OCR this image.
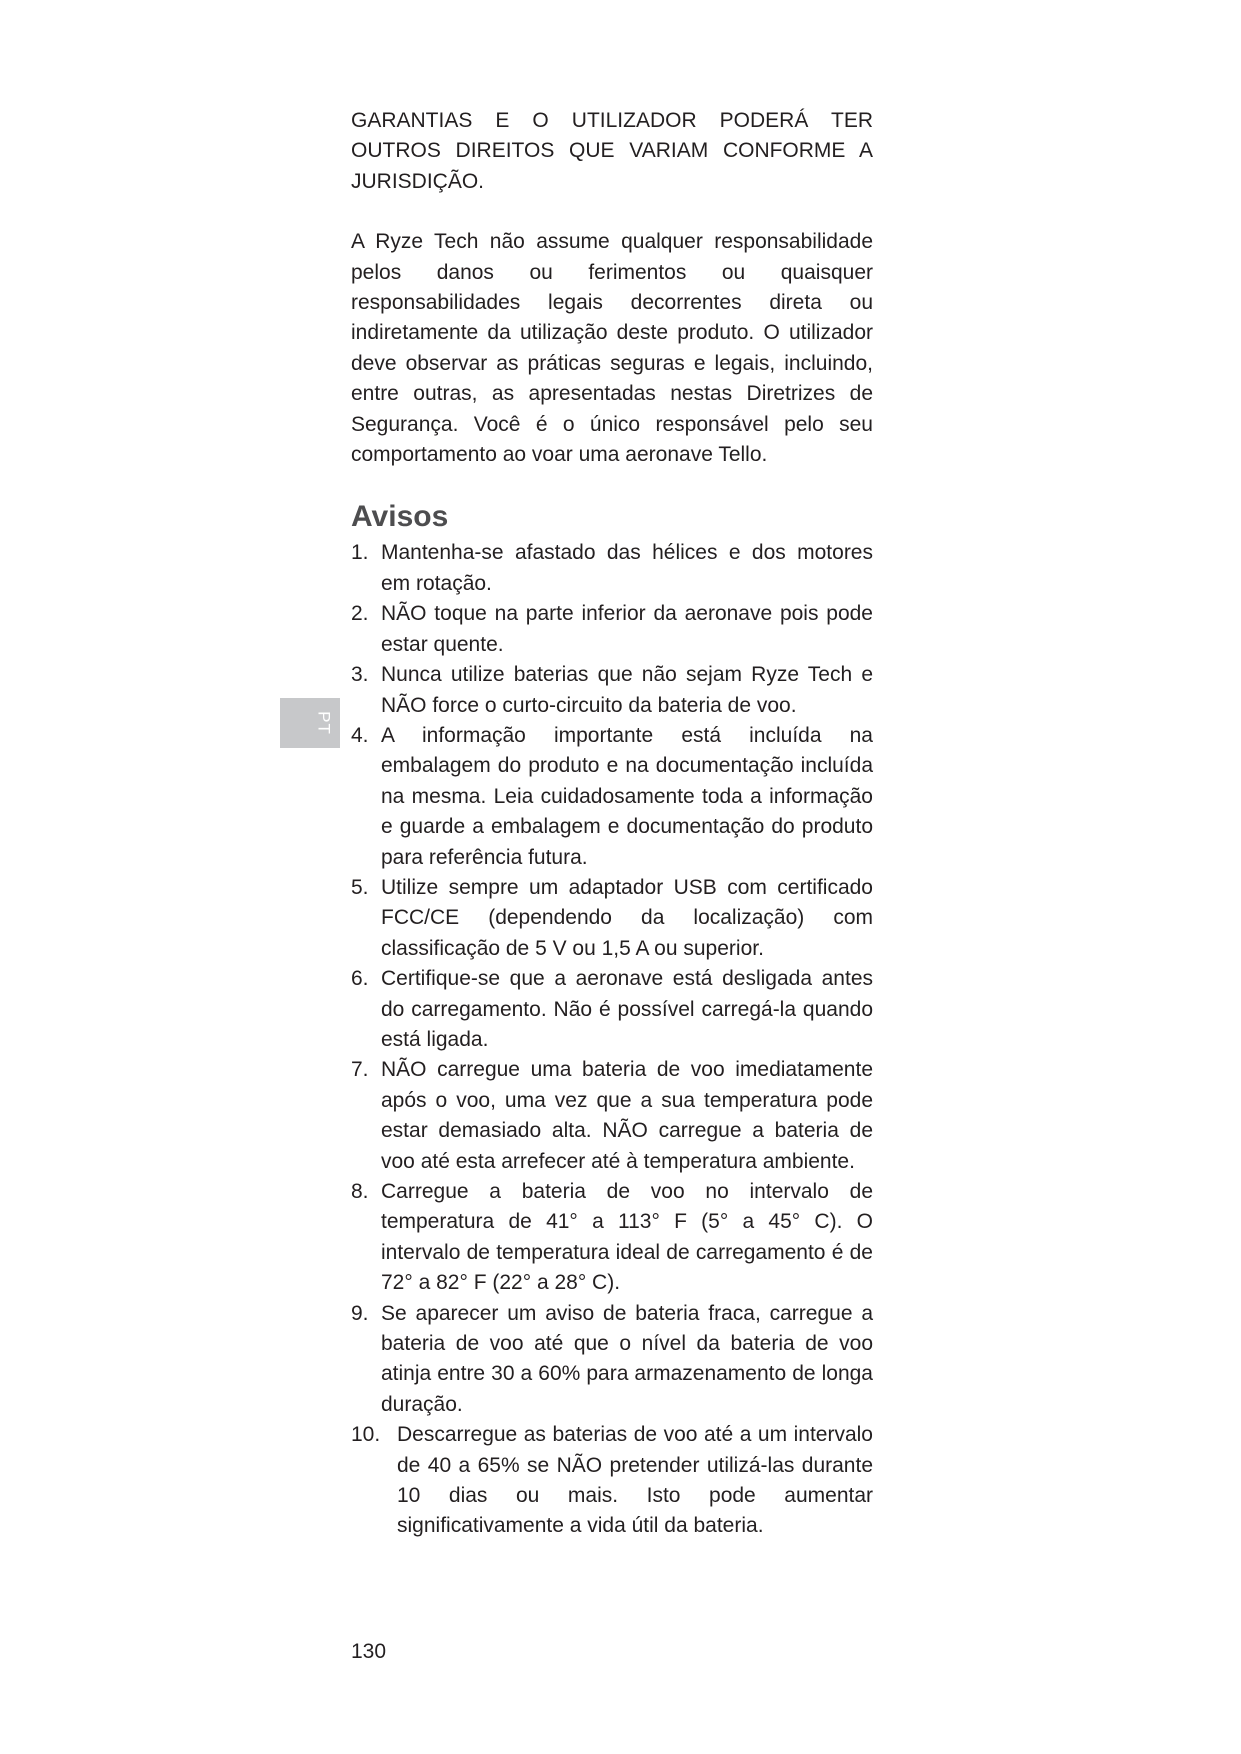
PT

GARANTIAS E O UTILIZADOR PODERÁ TER OUTROS DIREITOS QUE VARIAM CONFORME A JURISDIÇÃO.

A Ryze Tech não assume qualquer responsabilidade pelos danos ou ferimentos ou quaisquer responsabilidades legais decorrentes direta ou indiretamente da utilização deste produto. O utilizador deve observar as práticas seguras e legais, incluindo, entre outras, as apresentadas nestas Diretrizes de Segurança. Você é o único responsável pelo seu comportamento ao voar uma aeronave Tello.

Avisos
1. Mantenha-se afastado das hélices e dos motores em rotação.
2. NÃO toque na parte inferior da aeronave pois pode estar quente.
3. Nunca utilize baterias que não sejam Ryze Tech e NÃO force o curto-circuito da bateria de voo.
4. A informação importante está incluída na embalagem do produto e na documentação incluída na mesma. Leia cuidadosamente toda a informação e guarde a embalagem e documentação do produto para referência futura.
5. Utilize sempre um adaptador USB com certificado FCC/CE (dependendo da localização) com classificação de 5 V ou 1,5 A ou superior.
6. Certifique-se que a aeronave está desligada antes do carregamento. Não é possível carregá-la quando está ligada.
7. NÃO carregue uma bateria de voo imediatamente após o voo, uma vez que a sua temperatura pode estar demasiado alta. NÃO carregue a bateria de voo até esta arrefecer até à temperatura ambiente.
8. Carregue a bateria de voo no intervalo de temperatura de 41° a 113° F (5° a 45° C). O intervalo de temperatura ideal de carregamento é de 72° a 82° F (22° a 28° C).
9. Se aparecer um aviso de bateria fraca, carregue a bateria de voo até que o nível da bateria de voo atinja entre 30 a 60% para armazenamento de longa duração.
10. Descarregue as baterias de voo até a um intervalo de 40 a 65% se NÃO pretender utilizá-las durante 10 dias ou mais. Isto pode aumentar significativamente a vida útil da bateria.
130
